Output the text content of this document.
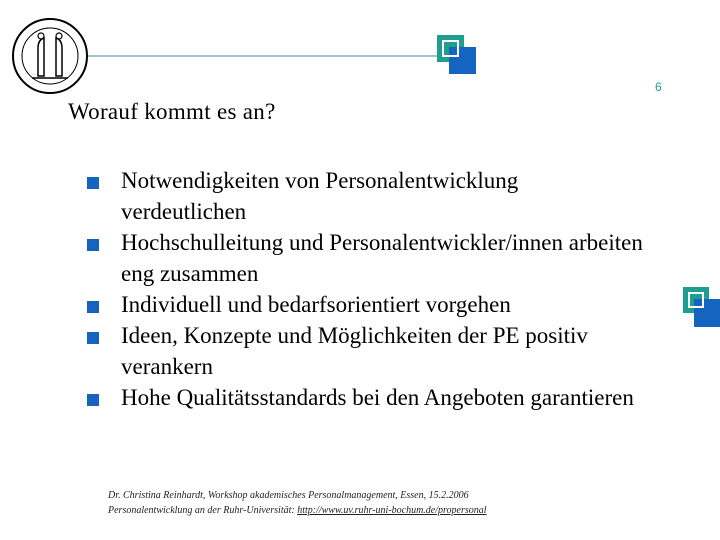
6
Worauf kommt es an?
Notwendigkeiten von Personalentwicklung verdeutlichen
Hochschulleitung und Personalentwickler/innen arbeiten eng zusammen
Individuell und bedarfsorientiert vorgehen
Ideen, Konzepte und Möglichkeiten der PE positiv verankern
Hohe Qualitätsstandards bei den Angeboten garantieren
Dr. Christina Reinhardt, Workshop akademisches Personalmanagement, Essen, 15.2.2006
Personalentwicklung an der Ruhr-Universität: http://www.uv.ruhr-uni-bochum.de/propersonal
